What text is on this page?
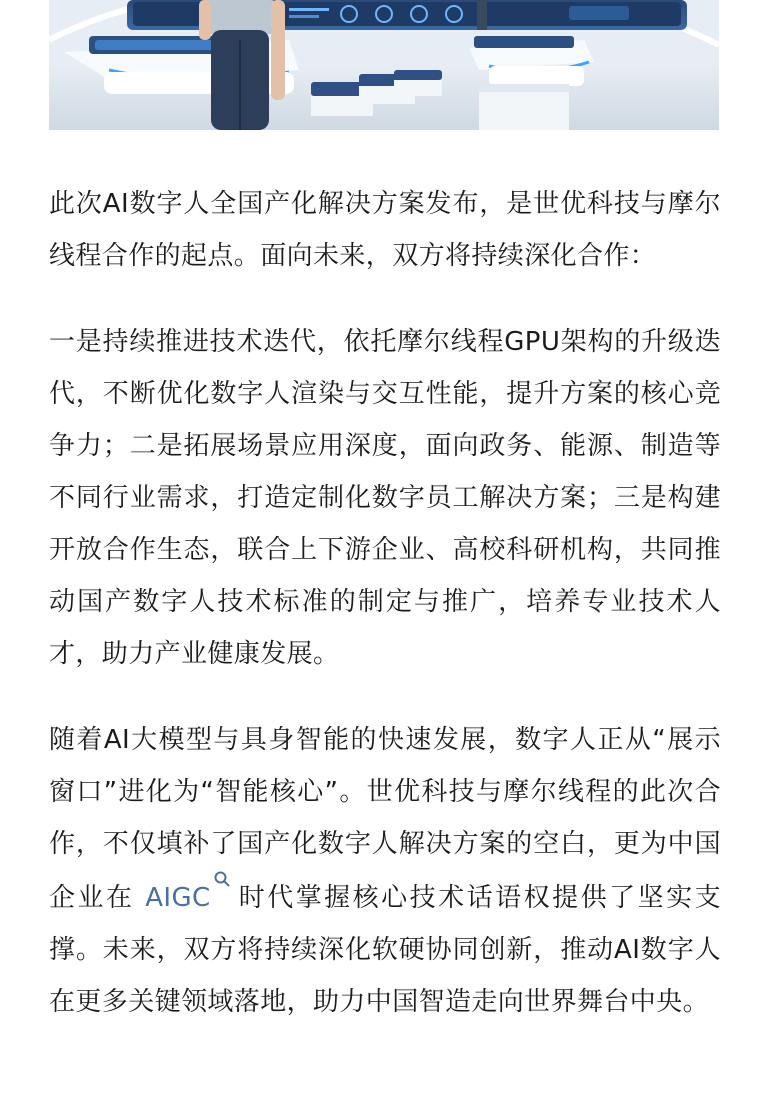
此次AI数字人全国产化解决方案发布，是世优科技与摩尔线程合作的起点。面向未来，双方将持续深化合作：

一是持续推进技术迭代，依托摩尔线程GPU架构的升级迭代，不断优化数字人渲染与交互性能，提升方案的核心竞争力；二是拓展场景应用深度，面向政务、能源、制造等不同行业需求，打造定制化数字员工解决方案；三是构建开放合作生态，联合上下游企业、高校科研机构，共同推动国产数字人技术标准的制定与推广，培养专业技术人才，助力产业健康发展。

随着AI大模型与具身智能的快速发展，数字人正从“展示窗口”进化为“智能核心”。世优科技与摩尔线程的此次合作，不仅填补了国产化数字人解决方案的空白，更为中国企业在 AIGC 时代掌握核心技术话语权提供了坚实支撑。未来，双方将持续深化软硬协同创新，推动AI数字人在更多关键领域落地，助力中国智造走向世界舞台中央。
